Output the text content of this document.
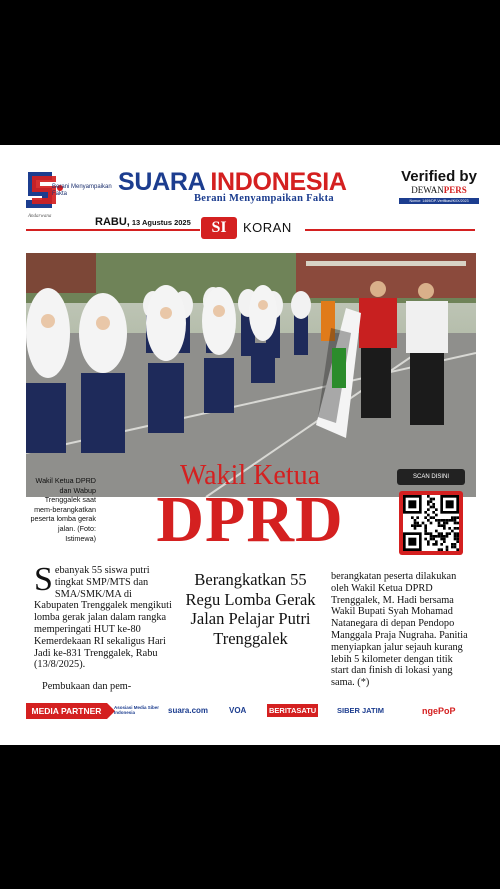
Berani Menyampaikan Fakta
Andarwana
SUARA INDONESIA
Berani Menyampaikan Fakta
Verified by
DEWANPERS
Nomor: 1469/DP-Verifikasi/K/IX/2023
RABU, 13 Agustus 2025	SI	KORAN
Wakil Ketua DPRD dan Wabup Trenggalek saat mem-berangkatkan peserta lomba gerak jalan. (Foto: Istimewa)
Wakil Ketua
DPRD
SCAN DISINI

Sebanyak 55 siswa putri tingkat SMP/MTS dan SMA/SMK/MA di Kabupaten Trenggalek mengikuti lomba gerak jalan dalam rangka memperingati HUT ke-80 Kemerdekaan RI sekaligus Hari Jadi ke-831 Trenggalek, Rabu (13/8/2025).

Pembukaan dan pem-

Berangkatkan 55 Regu Lomba Gerak Jalan Pelajar Putri Trenggalek

berangkatan peserta dilakukan oleh Wakil Ketua DPRD Trenggalek, M. Hadi bersama Wakil Bupati Syah Mohamad Natanegara di depan Pendopo Manggala Praja Nugraha. Panitia menyiapkan jalur sejauh kurang lebih 5 kilometer dengan titik start dan finish di lokasi yang sama. (*)

MEDIA PARTNER	Asosiasi Media Siber Indonesia	suara.com	VOA	BERITASATU	SIBER JATIM	ngePoP
